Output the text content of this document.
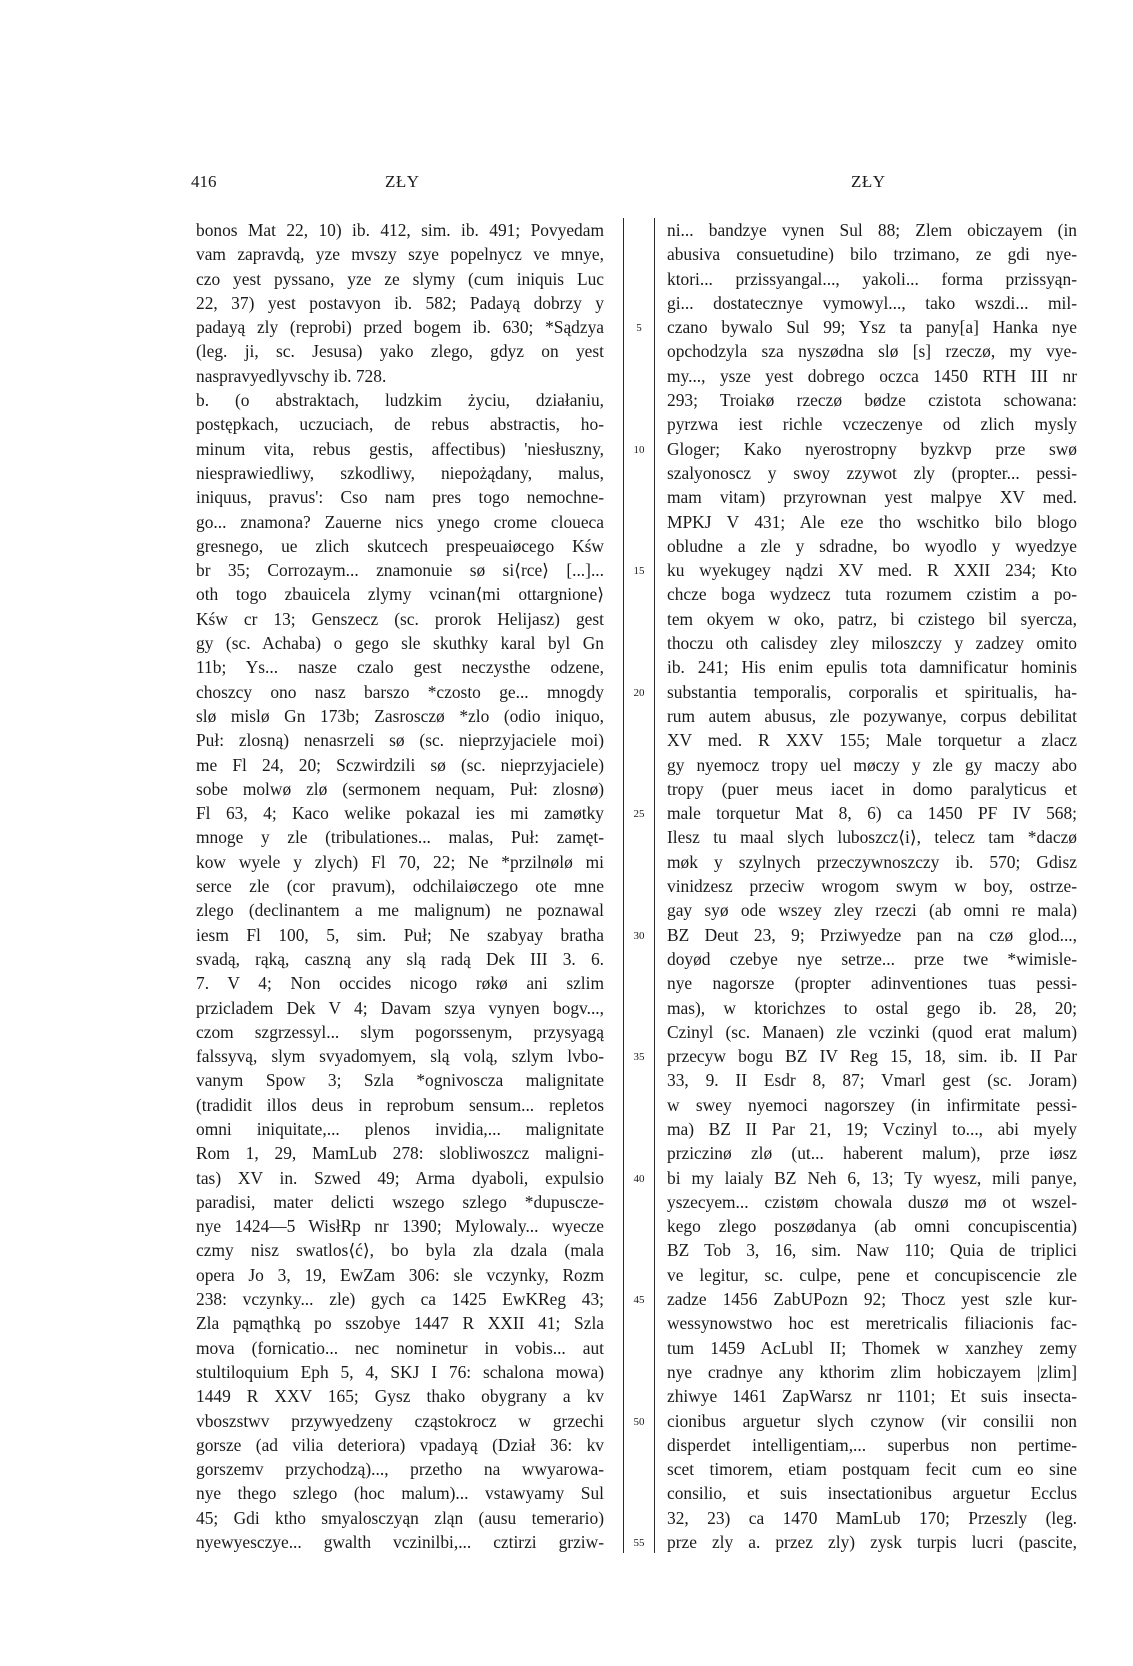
416	ZŁY	ZŁY
bonos Mat 22, 10) ib. 412, sim. ib. 491; Povyedam
vam zapravdą, yze mvszy szye popelnycz ve mnye,
czo yest pyssano, yze ze slymy (cum iniquis Luc
22, 37) yest postavyon ib. 582; Padayą dobrzy y
padayą zly (reprobi) przed bogem ib. 630; *Sądzya
(leg. ji, sc. Jesusa) yako zlego, gdyz on yest
naspravyedlyvschy ib. 728.
b. (o abstraktach, ludzkim życiu, działaniu,
postępkach, uczuciach, de rebus abstractis, ho-
minum vita, rebus gestis, affectibus) 'niesłuszny,
niesprawiedliwy, szkodliwy, niepożądany, malus,
iniquus, pravus': Cso nam pres togo nemochne-
go... znamona? Zauerne nics ynego crome cloueca
gresnego, ue zlich skutcech prespeuaiøcego Kśw
br 35; Corrozaym... znamonuie sø si⟨rce⟩ [...]...
oth togo zbauicela zlymy vcinan⟨mi ottargnione⟩
Kśw cr 13; Genszecz (sc. prorok Helijasz) gest
gy (sc. Achaba) o gego sle skuthky karal byl Gn
11b; Ys... nasze czalo gest neczysthe odzene,
choszcy ono nasz barszo *czosto ge... mnogdy
slø mislø Gn 173b; Zasrosczø *zlo (odio iniquo,
Puł: zlosną) nenasrzeli sø (sc. nieprzyjaciele moi)
me Fl 24, 20; Sczwirdzili sø (sc. nieprzyjaciele)
sobe molwø zlø (sermonem nequam, Puł: zlosnø)
Fl 63, 4; Kaco welike pokazal ies mi zamøtky
mnoge y zle (tribulationes... malas, Puł: zamęt-
kow wyele y zlych) Fl 70, 22; Ne *przilnølø mi
serce zle (cor pravum), odchilaiøczego ote mne
zlego (declinantem a me malignum) ne poznawal
iesm Fl 100, 5, sim. Puł; Ne szabyay bratha
svadą, rąką, caszną any slą radą Dek III 3. 6.
7. V 4; Non occides nicogo røkø ani szlim
przicladem Dek V 4; Davam szya vynyen bogv...,
czom szgrzessyl... slym pogorssenym, przysyagą
falssyvą, slym svyadomyem, slą volą, szlym lvbo-
vanym Spow 3; Szla *ognivoscza malignitate
(tradidit illos deus in reprobum sensum... repletos
omni iniquitate,... plenos invidia,... malignitate
Rom 1, 29, MamLub 278: slobliwoszcz maligni-
tas) XV in. Szwed 49; Arma dyaboli, expulsio
paradisi, mater delicti wszego szlego *dupuscze-
nye 1424—5 WisłRp nr 1390; Mylowaly... wyecze
czmy nisz swatlos⟨ć⟩, bo byla zla dzala (mala
opera Jo 3, 19, EwZam 306: sle vczynky, Rozm
238: vczynky... zle) gych ca 1425 EwKReg 43;
Zla pąmąthką po sszobye 1447 R XXII 41; Szla
mova (fornicatio... nec nominetur in vobis... aut
stultiloquium Eph 5, 4, SKJ I 76: schalona mowa)
1449 R XXV 165; Gysz thako obygrany a kv
vboszstwv przywyedzeny cząstokrocz w grzechi
gorsze (ad vilia deteriora) vpadayą (Dział 36: kv
gorszemv przychodzą)..., przetho na wwyarowa-
nye thego szlego (hoc malum)... vstawyamy Sul
45; Gdi ktho smyalosczyąn zląn (ausu temerario)
nyewyesczye... gwalth vczinilbi,... cztirzi grziw-
ni... bandzye vynen Sul 88; Zlem obiczayem (in
abusiva consuetudine) bilo trzimano, ze gdi nye-
ktori... przissyangal..., yakoli... forma przissyąn-
gi... dostatecznye vymowyl..., tako wszdi... mil-
czano bywalo Sul 99; Ysz ta pany[a] Hanka nye
opchodzyla sza nyszødna slø [s] rzeczø, my vye-
my..., ysze yest dobrego oczca 1450 RTH III nr
293; Troiakø rzeczø bødze czistota schowana:
pyrzwa iest richle vczeczenye od zlich mysly
Gloger; Kako nyerostropny byzkvp prze swø
szalyonoscz y swoy zzywot zly (propter... pessi-
mam vitam) przyrownan yest malpye XV med.
MPKJ V 431; Ale eze tho wschitko bilo blogo
obludne a zle y sdradne, bo wyodlo y wyedzye
ku wyekugey nądzi XV med. R XXII 234; Kto
chcze boga wydzecz tuta rozumem czistim a po-
tem okyem w oko, patrz, bi czistego bil syercza,
thoczu oth calisdey zley miloszczy y zadzey omito
ib. 241; His enim epulis tota damnificatur hominis
substantia temporalis, corporalis et spiritualis, ha-
rum autem abusus, zle pozywanye, corpus debilitat
XV med. R XXV 155; Male torquetur a zlacz
gy nyemocz tropy uel møczy y zle gy maczy abo
tropy (puer meus iacet in domo paralyticus et
male torquetur Mat 8, 6) ca 1450 PF IV 568;
Ilesz tu maal slych luboszcz⟨i⟩, telecz tam *daczø
møk y szylnych przeczywnoszczy ib. 570; Gdisz
vinidzesz przeciw wrogom swym w boy, ostrze-
gay syø ode wszey zley rzeczi (ab omni re mala)
BZ Deut 23, 9; Prziwyedze pan na czø glod...,
doyød czebye nye setrze... prze twe *wimisle-
nye nagorsze (propter adinventiones tuas pessi-
mas), w ktorichzes to ostal gego ib. 28, 20;
Czinyl (sc. Manaen) zle vczinki (quod erat malum)
przecyw bogu BZ IV Reg 15, 18, sim. ib. II Par
33, 9. II Esdr 8, 87; Vmarl gest (sc. Joram)
w swey nyemoci nagorszey (in infirmitate pessi-
ma) BZ II Par 21, 19; Vczinyl to..., abi myely
prziczinø zlø (ut... haberent malum), prze iøsz
bi my laialy BZ Neh 6, 13; Ty wyesz, mili panye,
yszecyem... czistøm chowala duszø mø ot wszel-
kego zlego poszødanya (ab omni concupiscentia)
BZ Tob 3, 16, sim. Naw 110; Quia de triplici
ve legitur, sc. culpe, pene et concupiscencie zle
zadze 1456 ZabUPozn 92; Thocz yest szle kur-
wessynowstwo hoc est meretricalis filiacionis fac-
tum 1459 AcLubl II; Thomek w xanzhey zemy
nye cradnye any kthorim zlim hobiczayem |zlim]
zhiwye 1461 ZapWarsz nr 1101; Et suis insecta-
cionibus arguetur slych czynow (vir consilii non
disperdet intelligentiam,... superbus non pertime-
scet timorem, etiam postquam fecit cum eo sine
consilio, et suis insectationibus arguetur Ecclus
32, 23) ca 1470 MamLub 170; Przeszly (leg.
prze zly a. przez zly) zysk turpis lucri (pascite,
5
10
15
20
25
30
35
40
45
50
55
